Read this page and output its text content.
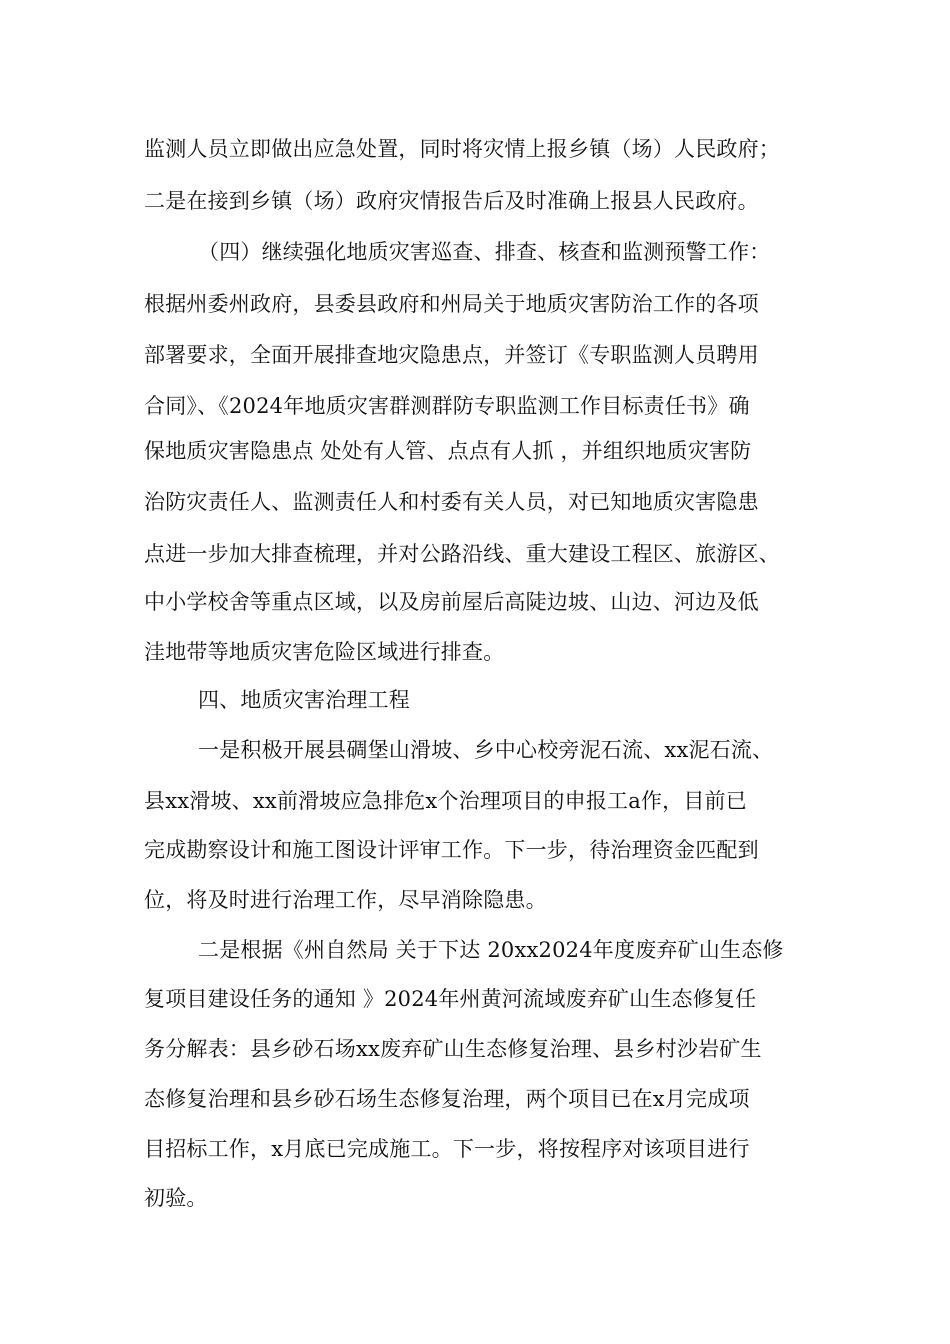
监测人员立即做出应急处置，同时将灾情上报乡镇（场）人民政府；
二是在接到乡镇（场）政府灾情报告后及时准确上报县人民政府。
（四）继续强化地质灾害巡查、排查、核查和监测预警工作：
根据州委州政府，县委县政府和州局关于地质灾害防治工作的各项
部署要求，全面开展排查地灾隐患点，并签订《专职监测人员聘用
合同》、《2024年地质灾害群测群防专职监测工作目标责任书》确
保地质灾害隐患点 处处有人管、点点有人抓 ，并组织地质灾害防
治防灾责任人、监测责任人和村委有关人员，对已知地质灾害隐患
点进一步加大排查梳理，并对公路沿线、重大建设工程区、旅游区、
中小学校舍等重点区域，以及房前屋后高陡边坡、山边、河边及低
洼地带等地质灾害危险区域进行排查。
四、地质灾害治理工程
一是积极开展县碉堡山滑坡、乡中心校旁泥石流、xx泥石流、
县xx滑坡、xx前滑坡应急排危x个治理项目的申报工a作，目前已
完成勘察设计和施工图设计评审工作。下一步，待治理资金匹配到
位，将及时进行治理工作，尽早消除隐患。
二是根据《州自然局 关于下达 20xx2024年度废弃矿山生态修
复项目建设任务的通知 》2024年州黄河流域废弃矿山生态修复任
务分解表：县乡砂石场xx废弃矿山生态修复治理、县乡村沙岩矿生
态修复治理和县乡砂石场生态修复治理，两个项目已在x月完成项
目招标工作，x月底已完成施工。下一步，将按程序对该项目进行
初验。
